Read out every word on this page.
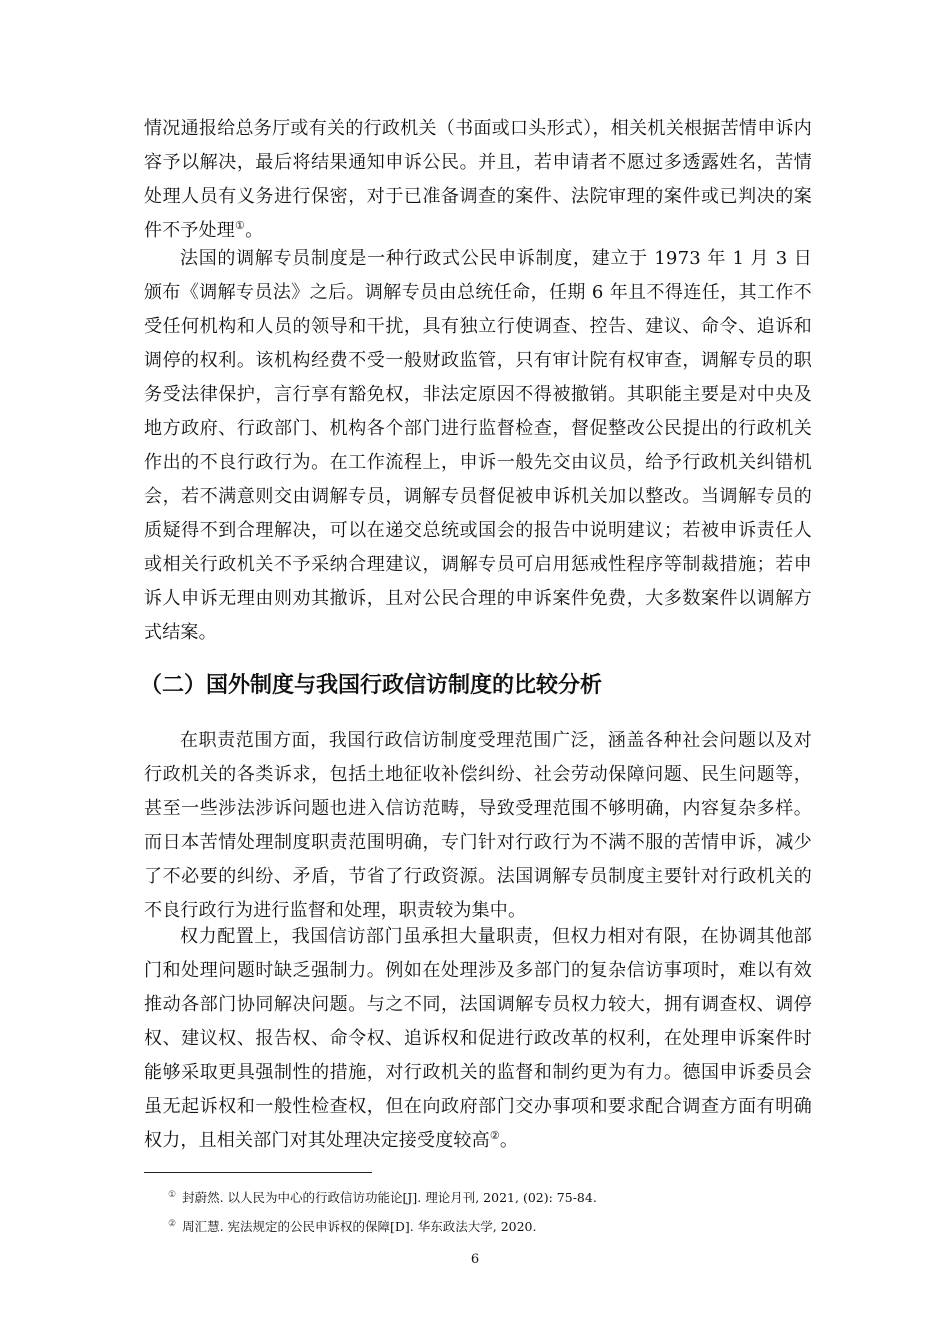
情况通报给总务厅或有关的行政机关（书面或口头形式），相关机关根据苦情申诉内容予以解决，最后将结果通知申诉公民。并且，若申请者不愿过多透露姓名，苦情处理人员有义务进行保密，对于已准备调查的案件、法院审理的案件或已判决的案件不予处理①。

法国的调解专员制度是一种行政式公民申诉制度，建立于 1973 年 1 月 3 日颁布《调解专员法》之后。调解专员由总统任命，任期 6 年且不得连任，其工作不受任何机构和人员的领导和干扰，具有独立行使调查、控告、建议、命令、追诉和调停的权利。该机构经费不受一般财政监管，只有审计院有权审查，调解专员的职务受法律保护，言行享有豁免权，非法定原因不得被撤销。其职能主要是对中央及地方政府、行政部门、机构各个部门进行监督检查，督促整改公民提出的行政机关作出的不良行政行为。在工作流程上，申诉一般先交由议员，给予行政机关纠错机会，若不满意则交由调解专员，调解专员督促被申诉机关加以整改。当调解专员的质疑得不到合理解决，可以在递交总统或国会的报告中说明建议；若被申诉责任人或相关行政机关不予采纳合理建议，调解专员可启用惩戒性程序等制裁措施；若申诉人申诉无理由则劝其撤诉，且对公民合理的申诉案件免费，大多数案件以调解方式结案。

（二）国外制度与我国行政信访制度的比较分析

在职责范围方面，我国行政信访制度受理范围广泛，涵盖各种社会问题以及对行政机关的各类诉求，包括土地征收补偿纠纷、社会劳动保障问题、民生问题等，甚至一些涉法涉诉问题也进入信访范畴，导致受理范围不够明确，内容复杂多样。而日本苦情处理制度职责范围明确，专门针对行政行为不满不服的苦情申诉，减少了不必要的纠纷、矛盾，节省了行政资源。法国调解专员制度主要针对行政机关的不良行政行为进行监督和处理，职责较为集中。

权力配置上，我国信访部门虽承担大量职责，但权力相对有限，在协调其他部门和处理问题时缺乏强制力。例如在处理涉及多部门的复杂信访事项时，难以有效推动各部门协同解决问题。与之不同，法国调解专员权力较大，拥有调查权、调停权、建议权、报告权、命令权、追诉权和促进行政改革的权利，在处理申诉案件时能够采取更具强制性的措施，对行政机关的监督和制约更为有力。德国申诉委员会虽无起诉权和一般性检查权，但在向政府部门交办事项和要求配合调查方面有明确权力，且相关部门对其处理决定接受度较高②。

① 封蔚然. 以人民为中心的行政信访功能论[J]. 理论月刊, 2021, (02): 75-84.
② 周汇慧. 宪法规定的公民申诉权的保障[D]. 华东政法大学, 2020.
6
